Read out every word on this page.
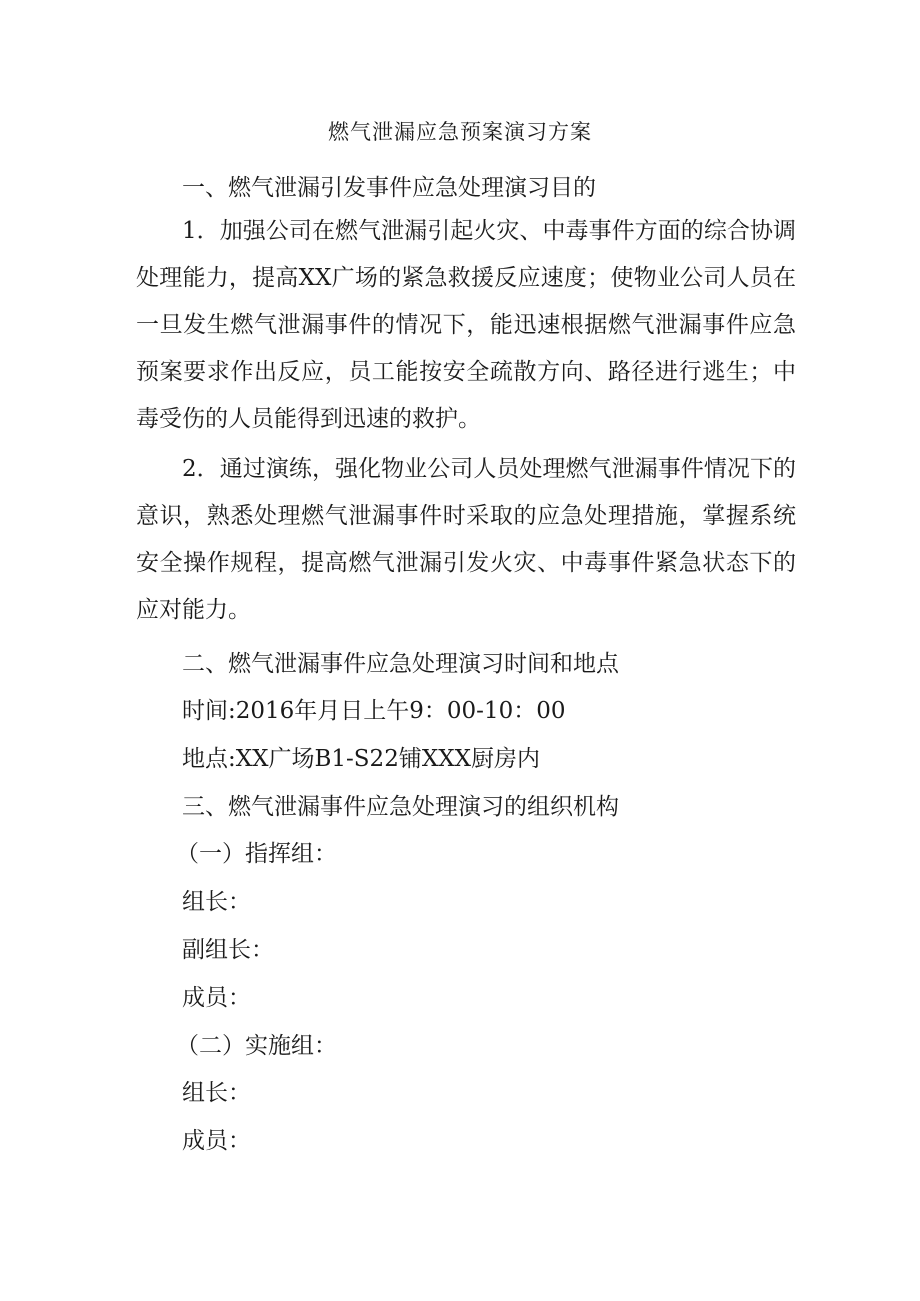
燃气泄漏应急预案演习方案
一、燃气泄漏引发事件应急处理演习目的
1．加强公司在燃气泄漏引起火灾、中毒事件方面的综合协调处理能力，提高XX广场的紧急救援反应速度；使物业公司人员在一旦发生燃气泄漏事件的情况下，能迅速根据燃气泄漏事件应急预案要求作出反应，员工能按安全疏散方向、路径进行逃生；中毒受伤的人员能得到迅速的救护。
2．通过演练，强化物业公司人员处理燃气泄漏事件情况下的意识，熟悉处理燃气泄漏事件时采取的应急处理措施，掌握系统安全操作规程，提高燃气泄漏引发火灾、中毒事件紧急状态下的应对能力。
二、燃气泄漏事件应急处理演习时间和地点
时间:2016年月日上午9：00-10：00
地点:XX广场B1-S22铺XXX厨房内
三、燃气泄漏事件应急处理演习的组织机构
（一）指挥组：
组长：
副组长：
成员：
（二）实施组：
组长：
成员：
